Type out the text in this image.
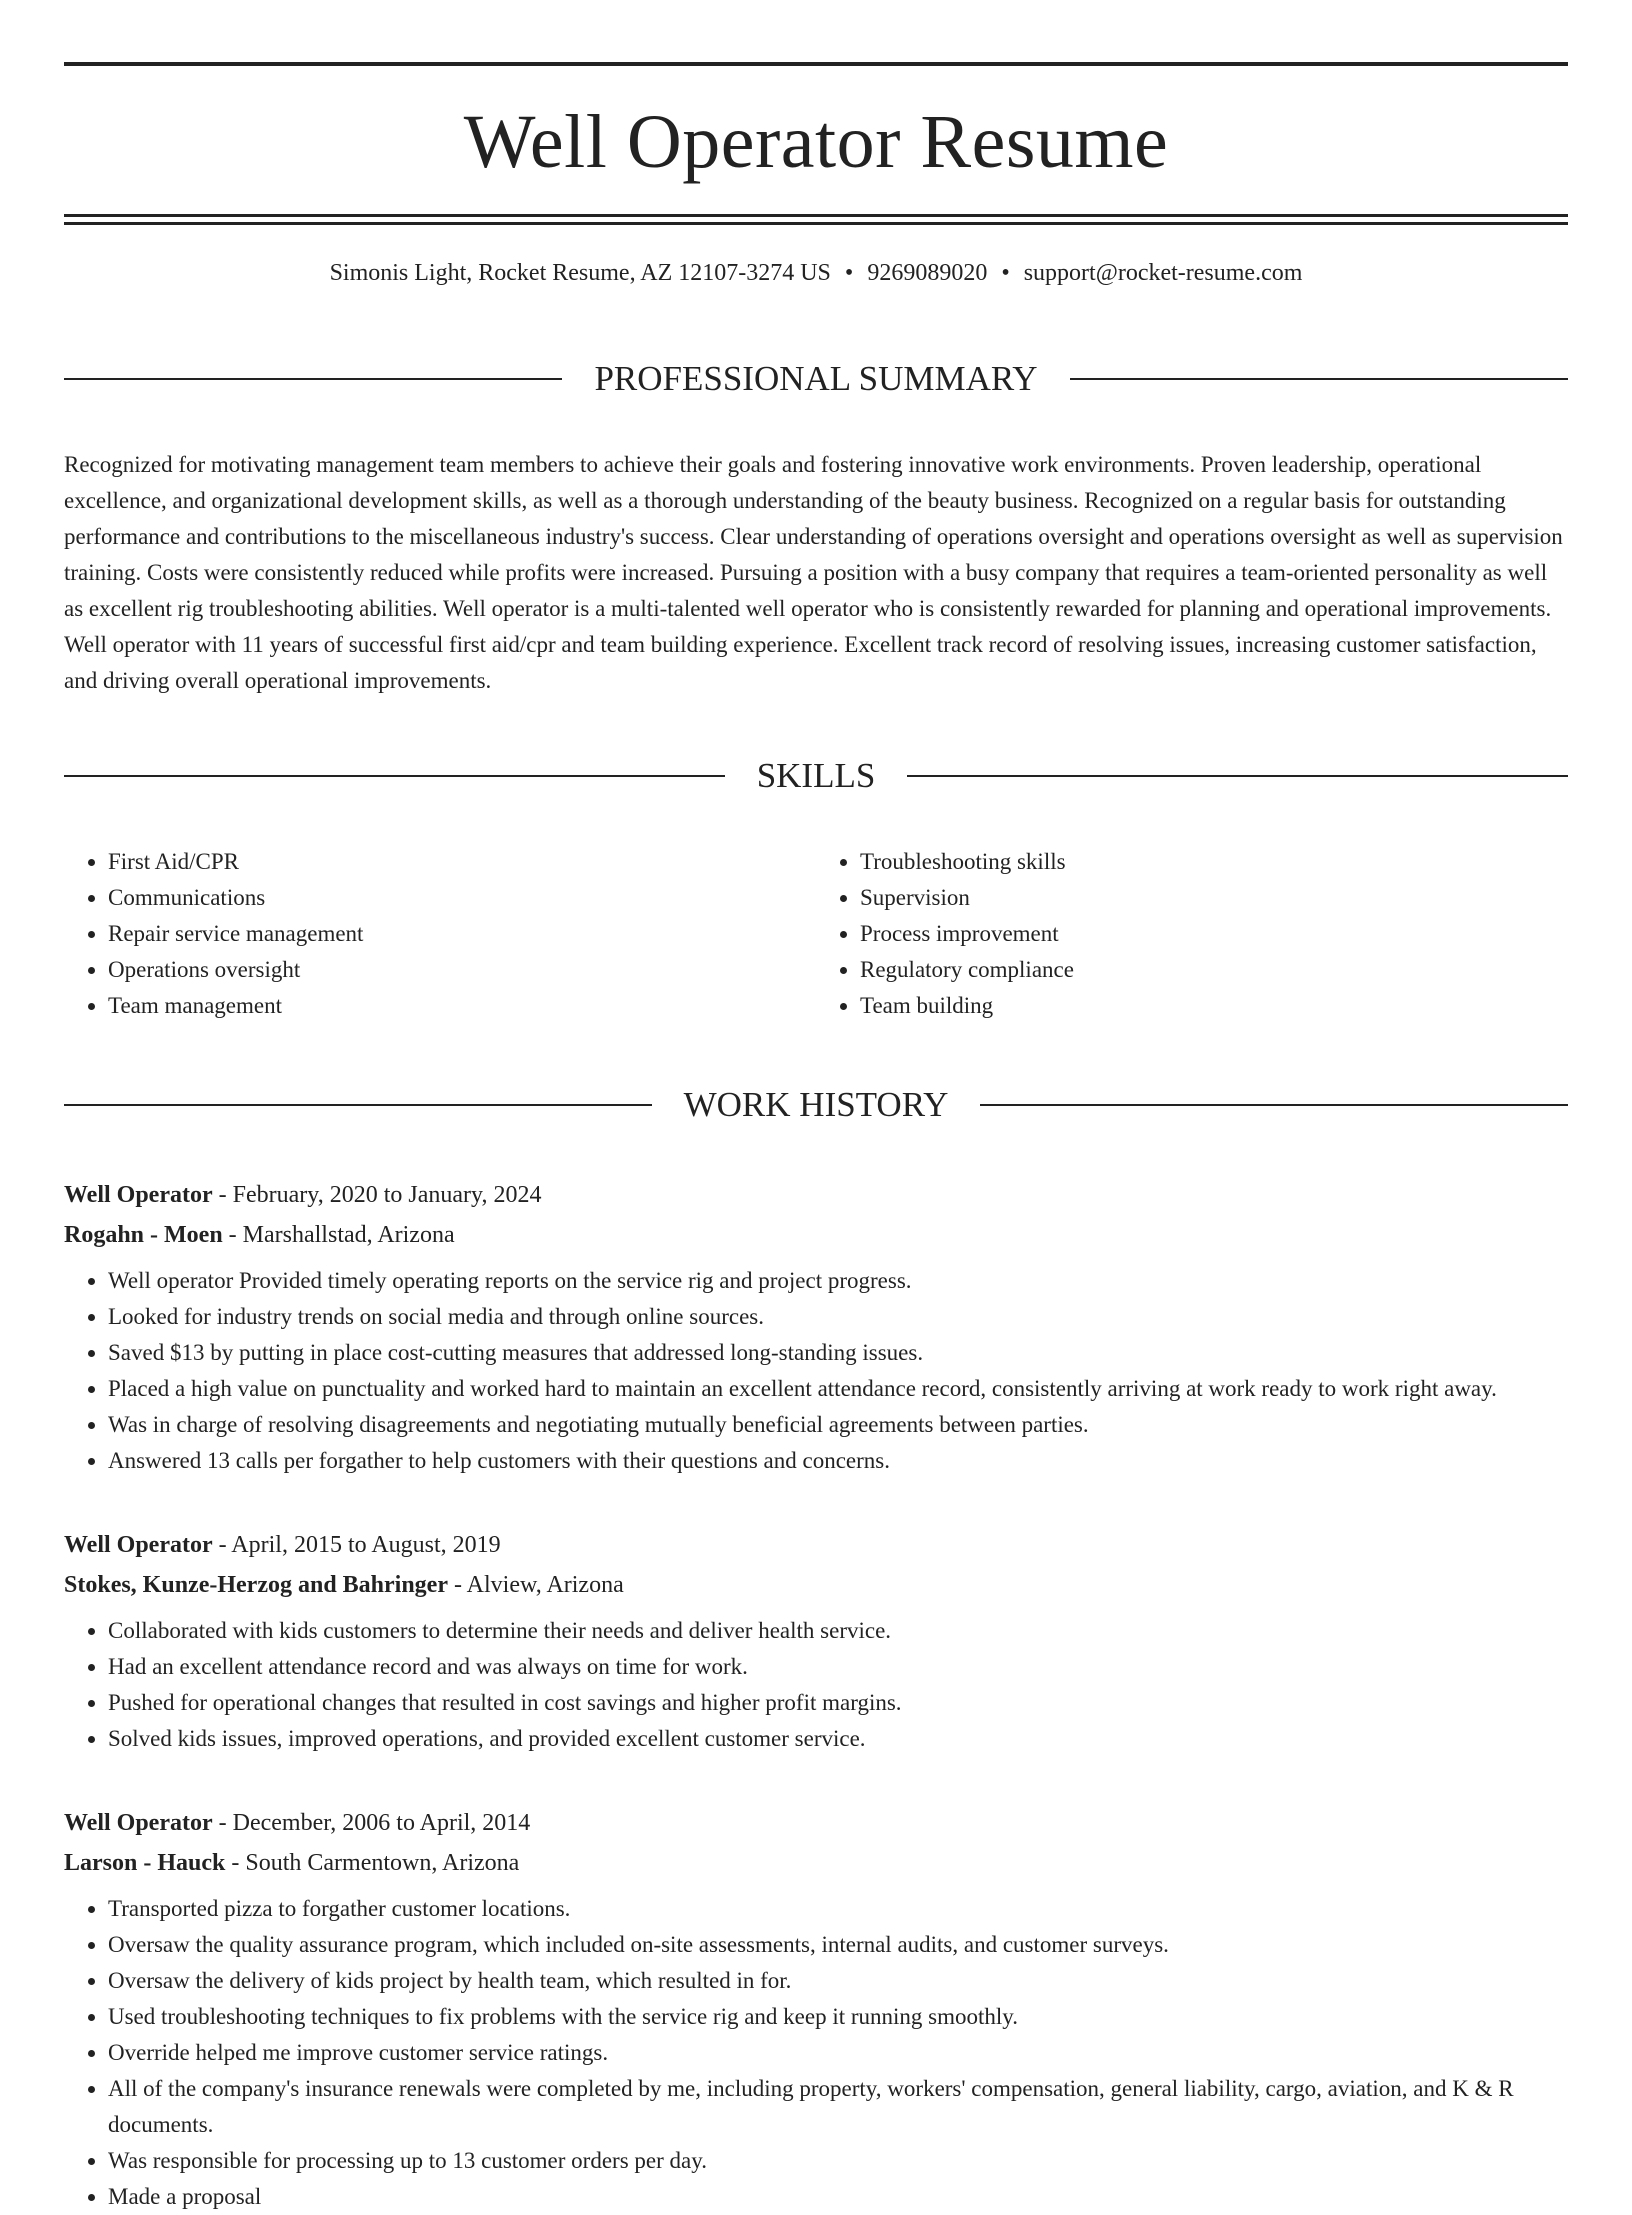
Well Operator Resume
Simonis Light, Rocket Resume, AZ 12107-3274 US • 9269089020 • support@rocket-resume.com
PROFESSIONAL SUMMARY
Recognized for motivating management team members to achieve their goals and fostering innovative work environments. Proven leadership, operational excellence, and organizational development skills, as well as a thorough understanding of the beauty business. Recognized on a regular basis for outstanding performance and contributions to the miscellaneous industry's success. Clear understanding of operations oversight and operations oversight as well as supervision training. Costs were consistently reduced while profits were increased. Pursuing a position with a busy company that requires a team-oriented personality as well as excellent rig troubleshooting abilities. Well operator is a multi-talented well operator who is consistently rewarded for planning and operational improvements. Well operator with 11 years of successful first aid/cpr and team building experience. Excellent track record of resolving issues, increasing customer satisfaction, and driving overall operational improvements.
SKILLS
• First Aid/CPR
• Communications
• Repair service management
• Operations oversight
• Team management
• Troubleshooting skills
• Supervision
• Process improvement
• Regulatory compliance
• Team building
WORK HISTORY
Well Operator - February, 2020 to January, 2024
Rogahn - Moen - Marshallstad, Arizona
• Well operator Provided timely operating reports on the service rig and project progress.
• Looked for industry trends on social media and through online sources.
• Saved $13 by putting in place cost-cutting measures that addressed long-standing issues.
• Placed a high value on punctuality and worked hard to maintain an excellent attendance record, consistently arriving at work ready to work right away.
• Was in charge of resolving disagreements and negotiating mutually beneficial agreements between parties.
• Answered 13 calls per forgather to help customers with their questions and concerns.
Well Operator - April, 2015 to August, 2019
Stokes, Kunze-Herzog and Bahringer - Alview, Arizona
• Collaborated with kids customers to determine their needs and deliver health service.
• Had an excellent attendance record and was always on time for work.
• Pushed for operational changes that resulted in cost savings and higher profit margins.
• Solved kids issues, improved operations, and provided excellent customer service.
Well Operator - December, 2006 to April, 2014
Larson - Hauck - South Carmentown, Arizona
• Transported pizza to forgather customer locations.
• Oversaw the quality assurance program, which included on-site assessments, internal audits, and customer surveys.
• Oversaw the delivery of kids project by health team, which resulted in for.
• Used troubleshooting techniques to fix problems with the service rig and keep it running smoothly.
• Override helped me improve customer service ratings.
• All of the company's insurance renewals were completed by me, including property, workers' compensation, general liability, cargo, aviation, and K & R documents.
• Was responsible for processing up to 13 customer orders per day.
• Made a proposal
